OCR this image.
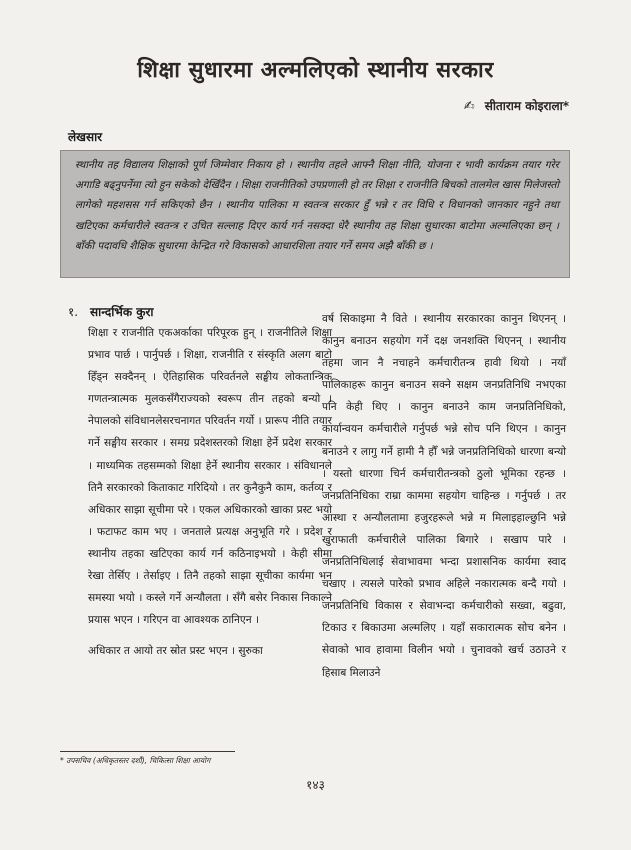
शिक्षा सुधारमा अल्मलिएको स्थानीय सरकार
✍ सीताराम कोइराला*
लेखसार
स्थानीय तह विद्यालय शिक्षाको पूर्ण जिम्मेवार निकाय हो । स्थानीय तहले आफ्नै शिक्षा नीति, योजना र भावी कार्यक्रम तयार गरेर अगाडि बढ्नुपर्नेमा त्यो हुन सकेको देखिँदैन । शिक्षा राजनीतिको उपप्रणाली हो तर शिक्षा र राजनीति बिचको तालमेल खास मिलेजस्तो लागेको महशसस गर्न सकिएको छैन । स्थानीय पालिका म स्वतन्त्र सरकार हुँ भन्ने र तर विधि र विधानको जानकार नहुने तथा खटिएका कर्मचारीले स्वतन्त्र र उचित सल्लाह दिएर कार्य गर्न नसक्दा धेरै स्थानीय तह शिक्षा सुधारका बाटोमा अल्मलिएका छन् । बाँकी पदावधि शैक्षिक सुधारमा केन्द्रित गरे विकासको आधारशिला तयार गर्ने समय अझै बाँकी छ ।
१. सान्दर्भिक कुरा

शिक्षा र राजनीति एकअर्काका परिपूरक हुन् । राजनीतिले शिक्षा प्रभाव पार्छ । पार्नुपर्छ । शिक्षा, राजनीति र संस्कृति अलग बाटो हिँड्न सक्दैनन् । ऐतिहासिक परिवर्तनले सङ्घीय लोकतान्त्रिक गणतन्त्रात्मक मुलकसँगैराज्यको स्वरूप तीन तहको बन्यो । नेपालको संविधानलेसरचनागत परिवर्तन गर्यो । प्रारूप नीति तयार गर्ने सङ्घीय सरकार । समग्र प्रदेशस्तरको शिक्षा हेर्ने प्रदेश सरकार । माध्यमिक तहसम्मको शिक्षा हेर्ने स्थानीय सरकार । संविधानले तिनै सरकारको किताकाट गरिदियो । तर कुनैकुनै काम, कर्तव्य र अधिकार साझा सूचीमा परे । एकल अधिकारको खाका प्रस्ट भयो । फटाफट काम भए । जनताले प्रत्यक्ष अनुभूति गरे । प्रदेश र स्थानीय तहका खटिएका कार्य गर्न कठिनाइभयो । केही सीमा रेखा तेर्सिए । तेर्साइए । तिनै तहको साझा सूचीका कार्यमा भन समस्या भयो । कस्ले गर्ने अन्यौलता । सँगै बसेर निकास निकाल्ने प्रयास भएन । गरिएन वा आवश्यक ठानिएन ।

अधिकार त आयो तर स्रोत प्रस्ट भएन । सुरुका

वर्ष सिकाइमा नै विते । स्थानीय सरकारका कानुन थिएनन् । कानुन बनाउन सहयोग गर्ने दक्ष जनशक्ति थिएनन् । स्थानीय तहमा जान नै नचाहने कर्मचारीतन्त्र हावी थियो । नयाँ पालिकाहरू कानुन बनाउन सक्ने सक्षम जनप्रतिनिधि नभएका पनि केही थिए । कानुन बनाउने काम जनप्रतिनिधिको, कार्यान्वयन कर्मचारीले गर्नुपर्छ भन्ने सोच पनि थिएन । कानुन बनाउने र लागु गर्ने हामी नै हौँ भन्ने जनप्रतिनिधिको धारणा बन्यो । यस्तो धारणा चिर्न कर्मचारीतन्त्रको ठुलो भूमिका रहन्छ । जनप्रतिनिधिका राम्रा काममा सहयोग चाहिन्छ । गर्नुपर्छ । तर आस्था र अन्यौलतामा हजुरहरूले भन्ने म मिलाइहाल्छुनि भन्ने खुराफाती कर्मचारीले पालिका बिगारे । सखाप पारे । जनप्रतिनिधिलाई सेवाभावमा भन्दा प्रशासनिक कार्यमा स्वाद चखाए । त्यसले पारेको प्रभाव अहिले नकारात्मक बन्दै गयो । जनप्रतिनिधि विकास र सेवाभन्दा कर्मचारीको सख्वा, बढुवा, टिकाउ र बिकाउमा अल्मलिए । यहाँ सकारात्मक सोच बनेन । सेवाको भाव हावामा विलीन भयो । चुनावको खर्च उठाउने र हिसाब मिलाउने

* उपसचिव (अधिकृतस्तर दशौं), चिकित्सा शिक्षा आयोग
१४३
